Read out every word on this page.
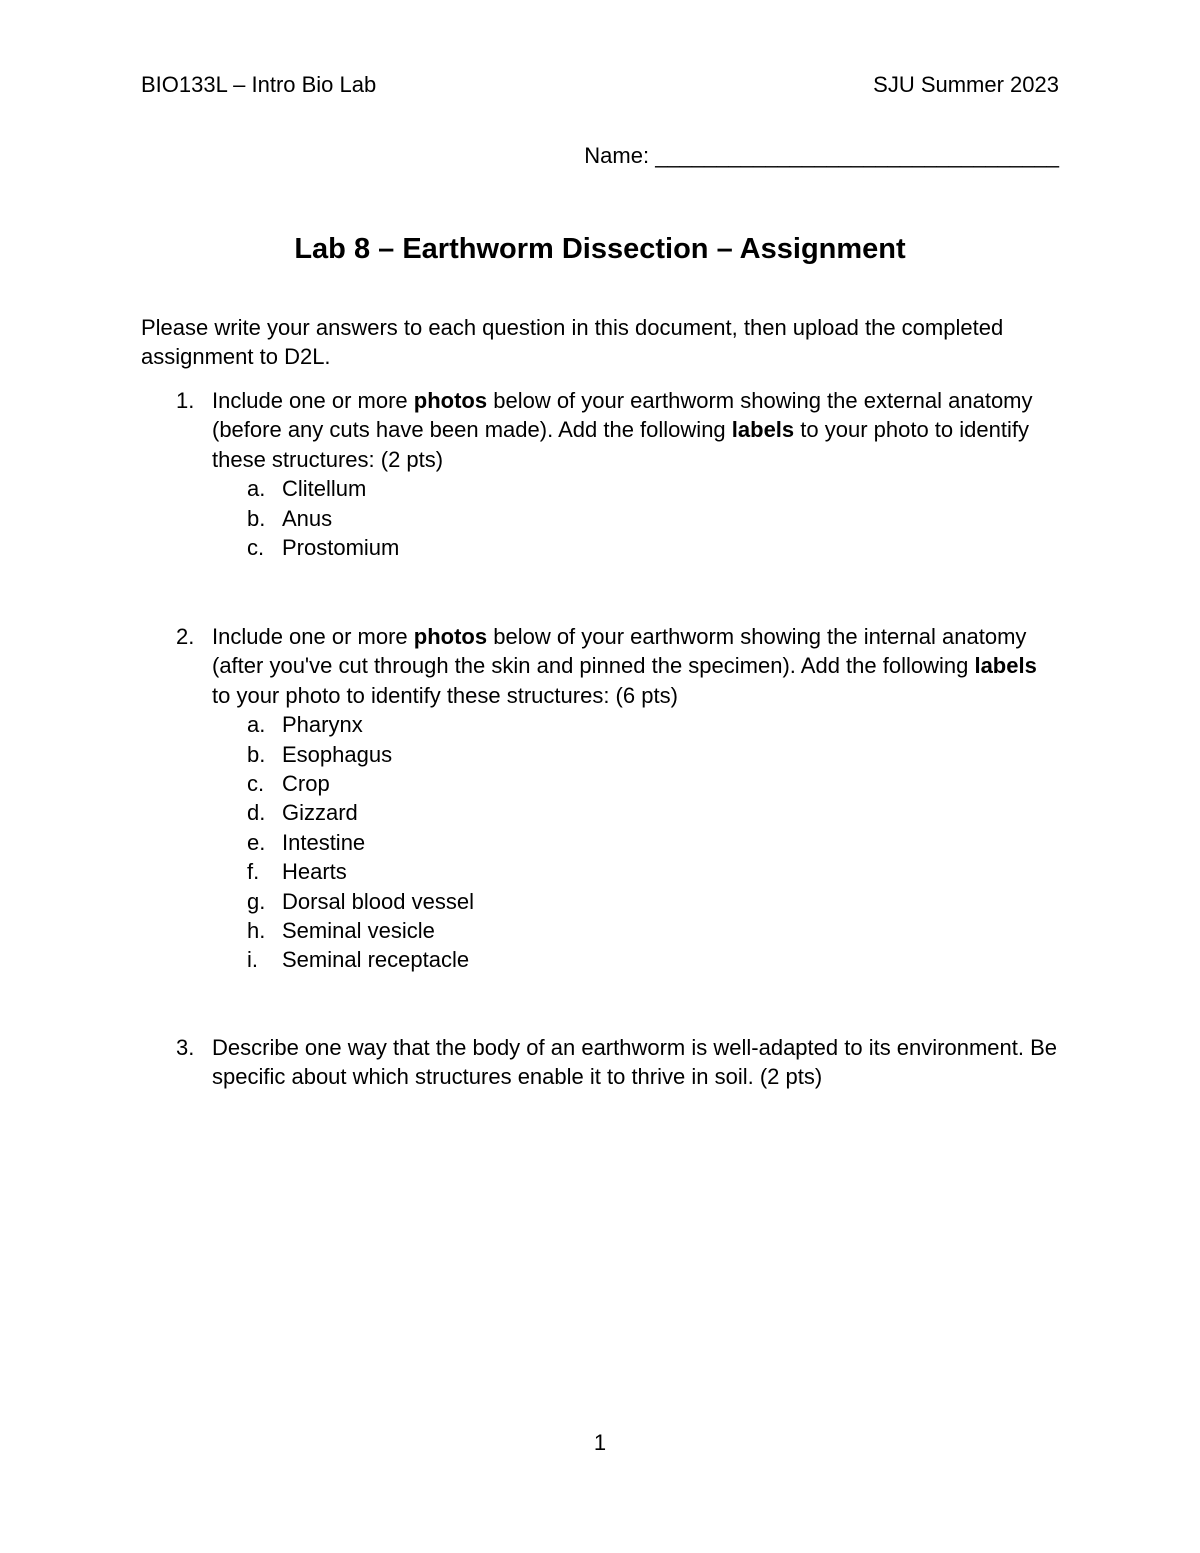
BIO133L – Intro Bio Lab	SJU Summer 2023
Name: _________________________________
Lab 8 – Earthworm Dissection – Assignment
Please write your answers to each question in this document, then upload the completed assignment to D2L.
1. Include one or more photos below of your earthworm showing the external anatomy (before any cuts have been made). Add the following labels to your photo to identify these structures: (2 pts)
a. Clitellum
b. Anus
c. Prostomium
2. Include one or more photos below of your earthworm showing the internal anatomy (after you've cut through the skin and pinned the specimen). Add the following labels to your photo to identify these structures: (6 pts)
a. Pharynx
b. Esophagus
c. Crop
d. Gizzard
e. Intestine
f. Hearts
g. Dorsal blood vessel
h. Seminal vesicle
i. Seminal receptacle
3. Describe one way that the body of an earthworm is well-adapted to its environment. Be specific about which structures enable it to thrive in soil. (2 pts)
1
